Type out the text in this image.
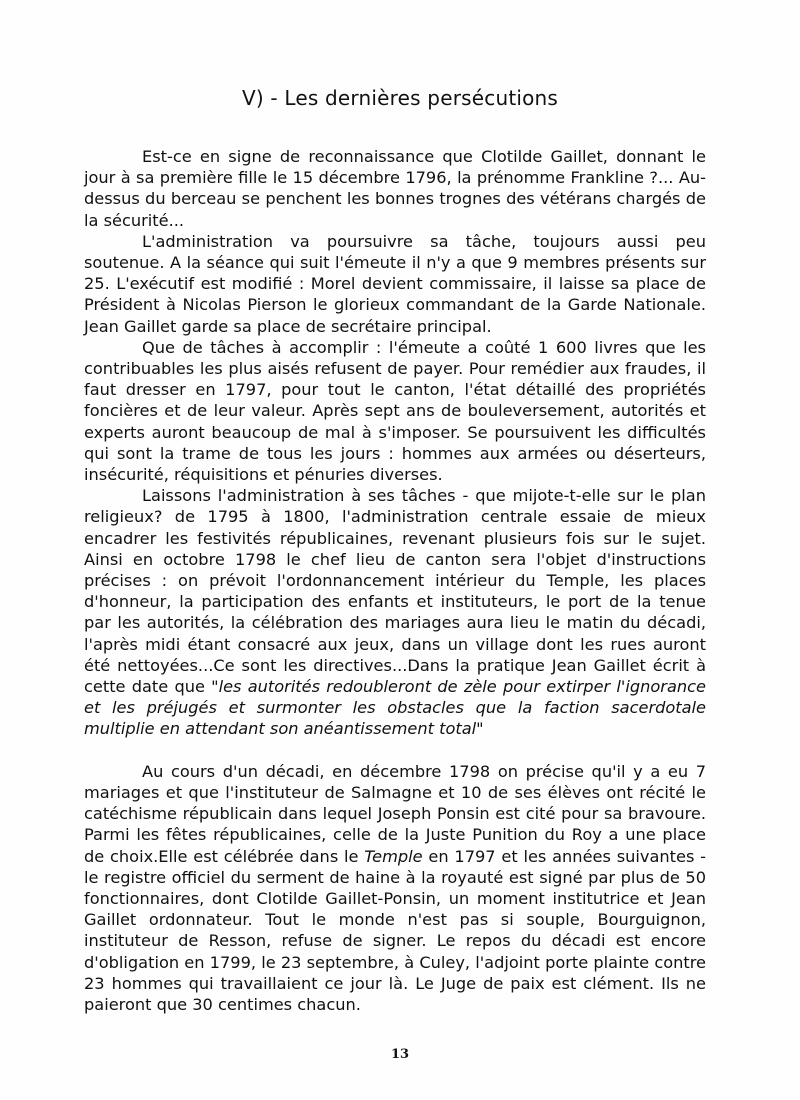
V) - Les dernières persécutions

Est-ce en signe de reconnaissance que Clotilde Gaillet, donnant le jour à sa première fille le 15 décembre 1796, la prénomme Frankline ?... Au-dessus du berceau se penchent les bonnes trognes des vétérans chargés de la sécurité...

L'administration va poursuivre sa tâche, toujours aussi peu soutenue. A la séance qui suit l'émeute il n'y a que 9 membres présents sur 25. L'exécutif est modifié : Morel devient commissaire, il laisse sa place de Président à Nicolas Pierson le glorieux commandant de la Garde Nationale. Jean Gaillet garde sa place de secrétaire principal.

Que de tâches à accomplir : l'émeute a coûté 1 600 livres que les contribuables les plus aisés refusent de payer. Pour remédier aux fraudes, il faut dresser en 1797, pour tout le canton, l'état détaillé des propriétés foncières et de leur valeur. Après sept ans de bouleversement, autorités et experts auront beaucoup de mal à s'imposer. Se poursuivent les difficultés qui sont la trame de tous les jours : hommes aux armées ou déserteurs, insécurité, réquisitions et pénuries diverses.

Laissons l'administration à ses tâches - que mijote-t-elle sur le plan religieux? de 1795 à 1800, l'administration centrale essaie de mieux encadrer les festivités républicaines, revenant plusieurs fois sur le sujet. Ainsi en octobre 1798 le chef lieu de canton sera l'objet d'instructions précises : on prévoit l'ordonnancement intérieur du Temple, les places d'honneur, la participation des enfants et instituteurs, le port de la tenue par les autorités, la célébration des mariages aura lieu le matin du décadi, l'après midi étant consacré aux jeux, dans un village dont les rues auront été nettoyées...Ce sont les directives...Dans la pratique Jean Gaillet écrit à cette date que "les autorités redoubleront de zèle pour extirper l'ignorance et les préjugés et surmonter les obstacles que la faction sacerdotale multiplie en attendant son anéantissement total"

Au cours d'un décadi, en décembre 1798 on précise qu'il y a eu 7 mariages et que l'instituteur de Salmagne et 10 de ses élèves ont récité le catéchisme républicain dans lequel Joseph Ponsin est cité pour sa bravoure. Parmi les fêtes républicaines, celle de la Juste Punition du Roy a une place de choix.Elle est célébrée dans le Temple en 1797 et les années suivantes - le registre officiel du serment de haine à la royauté est signé par plus de 50 fonctionnaires, dont Clotilde Gaillet-Ponsin, un moment institutrice et Jean Gaillet ordonnateur. Tout le monde n'est pas si souple, Bourguignon, instituteur de Resson, refuse de signer. Le repos du décadi est encore d'obligation en 1799, le 23 septembre, à Culey, l'adjoint porte plainte contre 23 hommes qui travaillaient ce jour là. Le Juge de paix est clément. Ils ne paieront que 30 centimes chacun.

13
